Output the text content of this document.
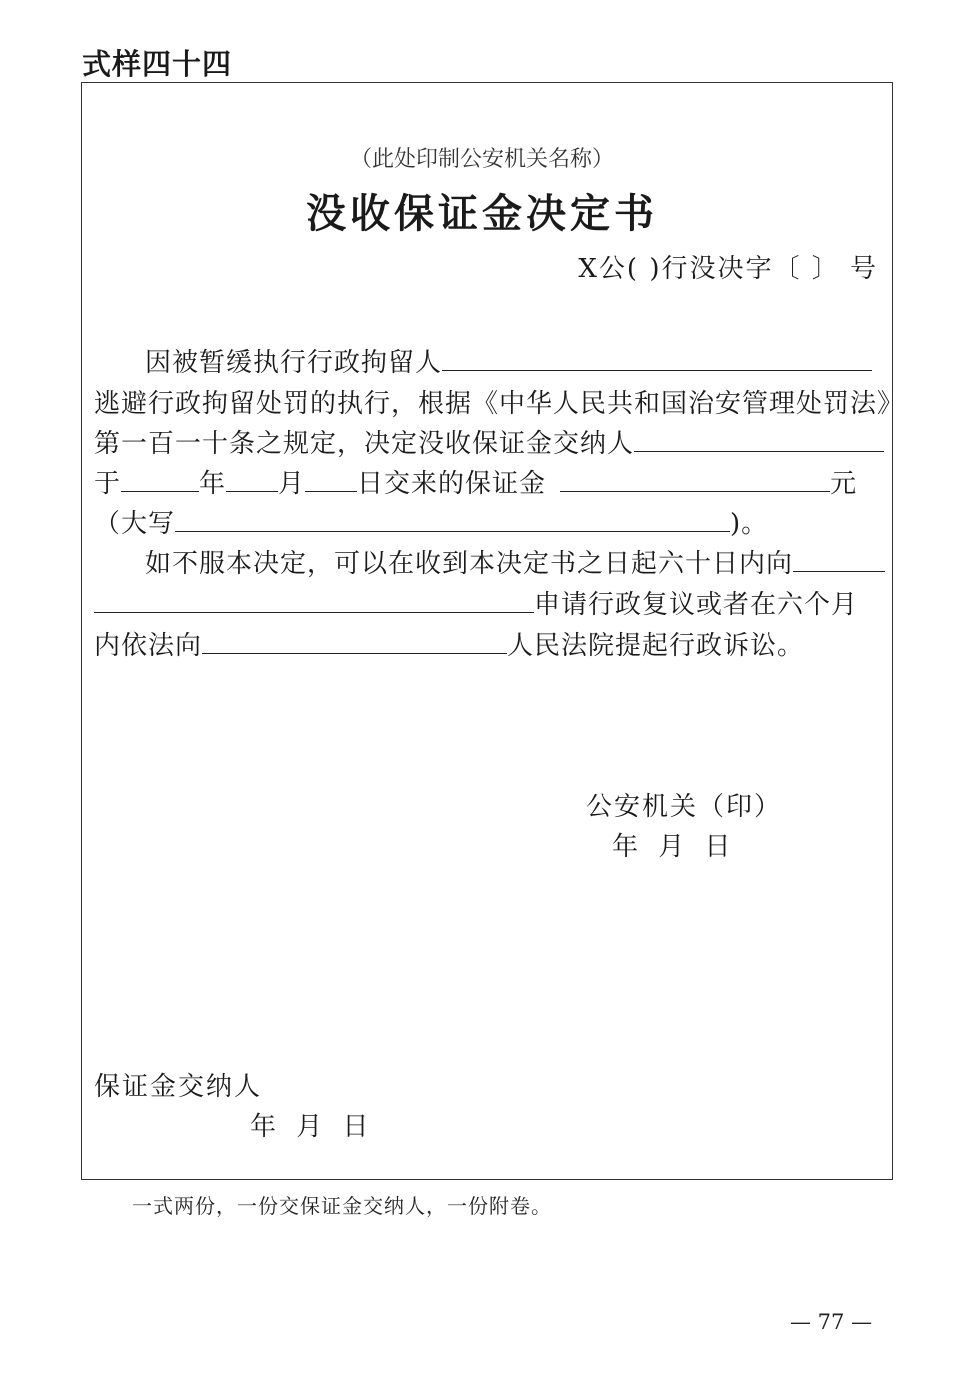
式样四十四
（此处印制公安机关名称）
没收保证金决定书
X公( )行没决字〔 〕 号
因被暂缓执行行政拘留人
逃避行政拘留处罚的执行，根据《中华人民共和国治安管理处罚法》
第一百一十条之规定，决定没收保证金交纳人
于	年 月 日交来的保证金	元
（大写	)。
如不服本决定，可以在收到本决定书之日起六十日内向
申请行政复议或者在六个月
内依法向	人民法院提起行政诉讼。
公安机关（印）
年 月 日
保证金交纳人
年 月 日
一式两份，一份交保证金交纳人，一份附卷。
— 77 —
